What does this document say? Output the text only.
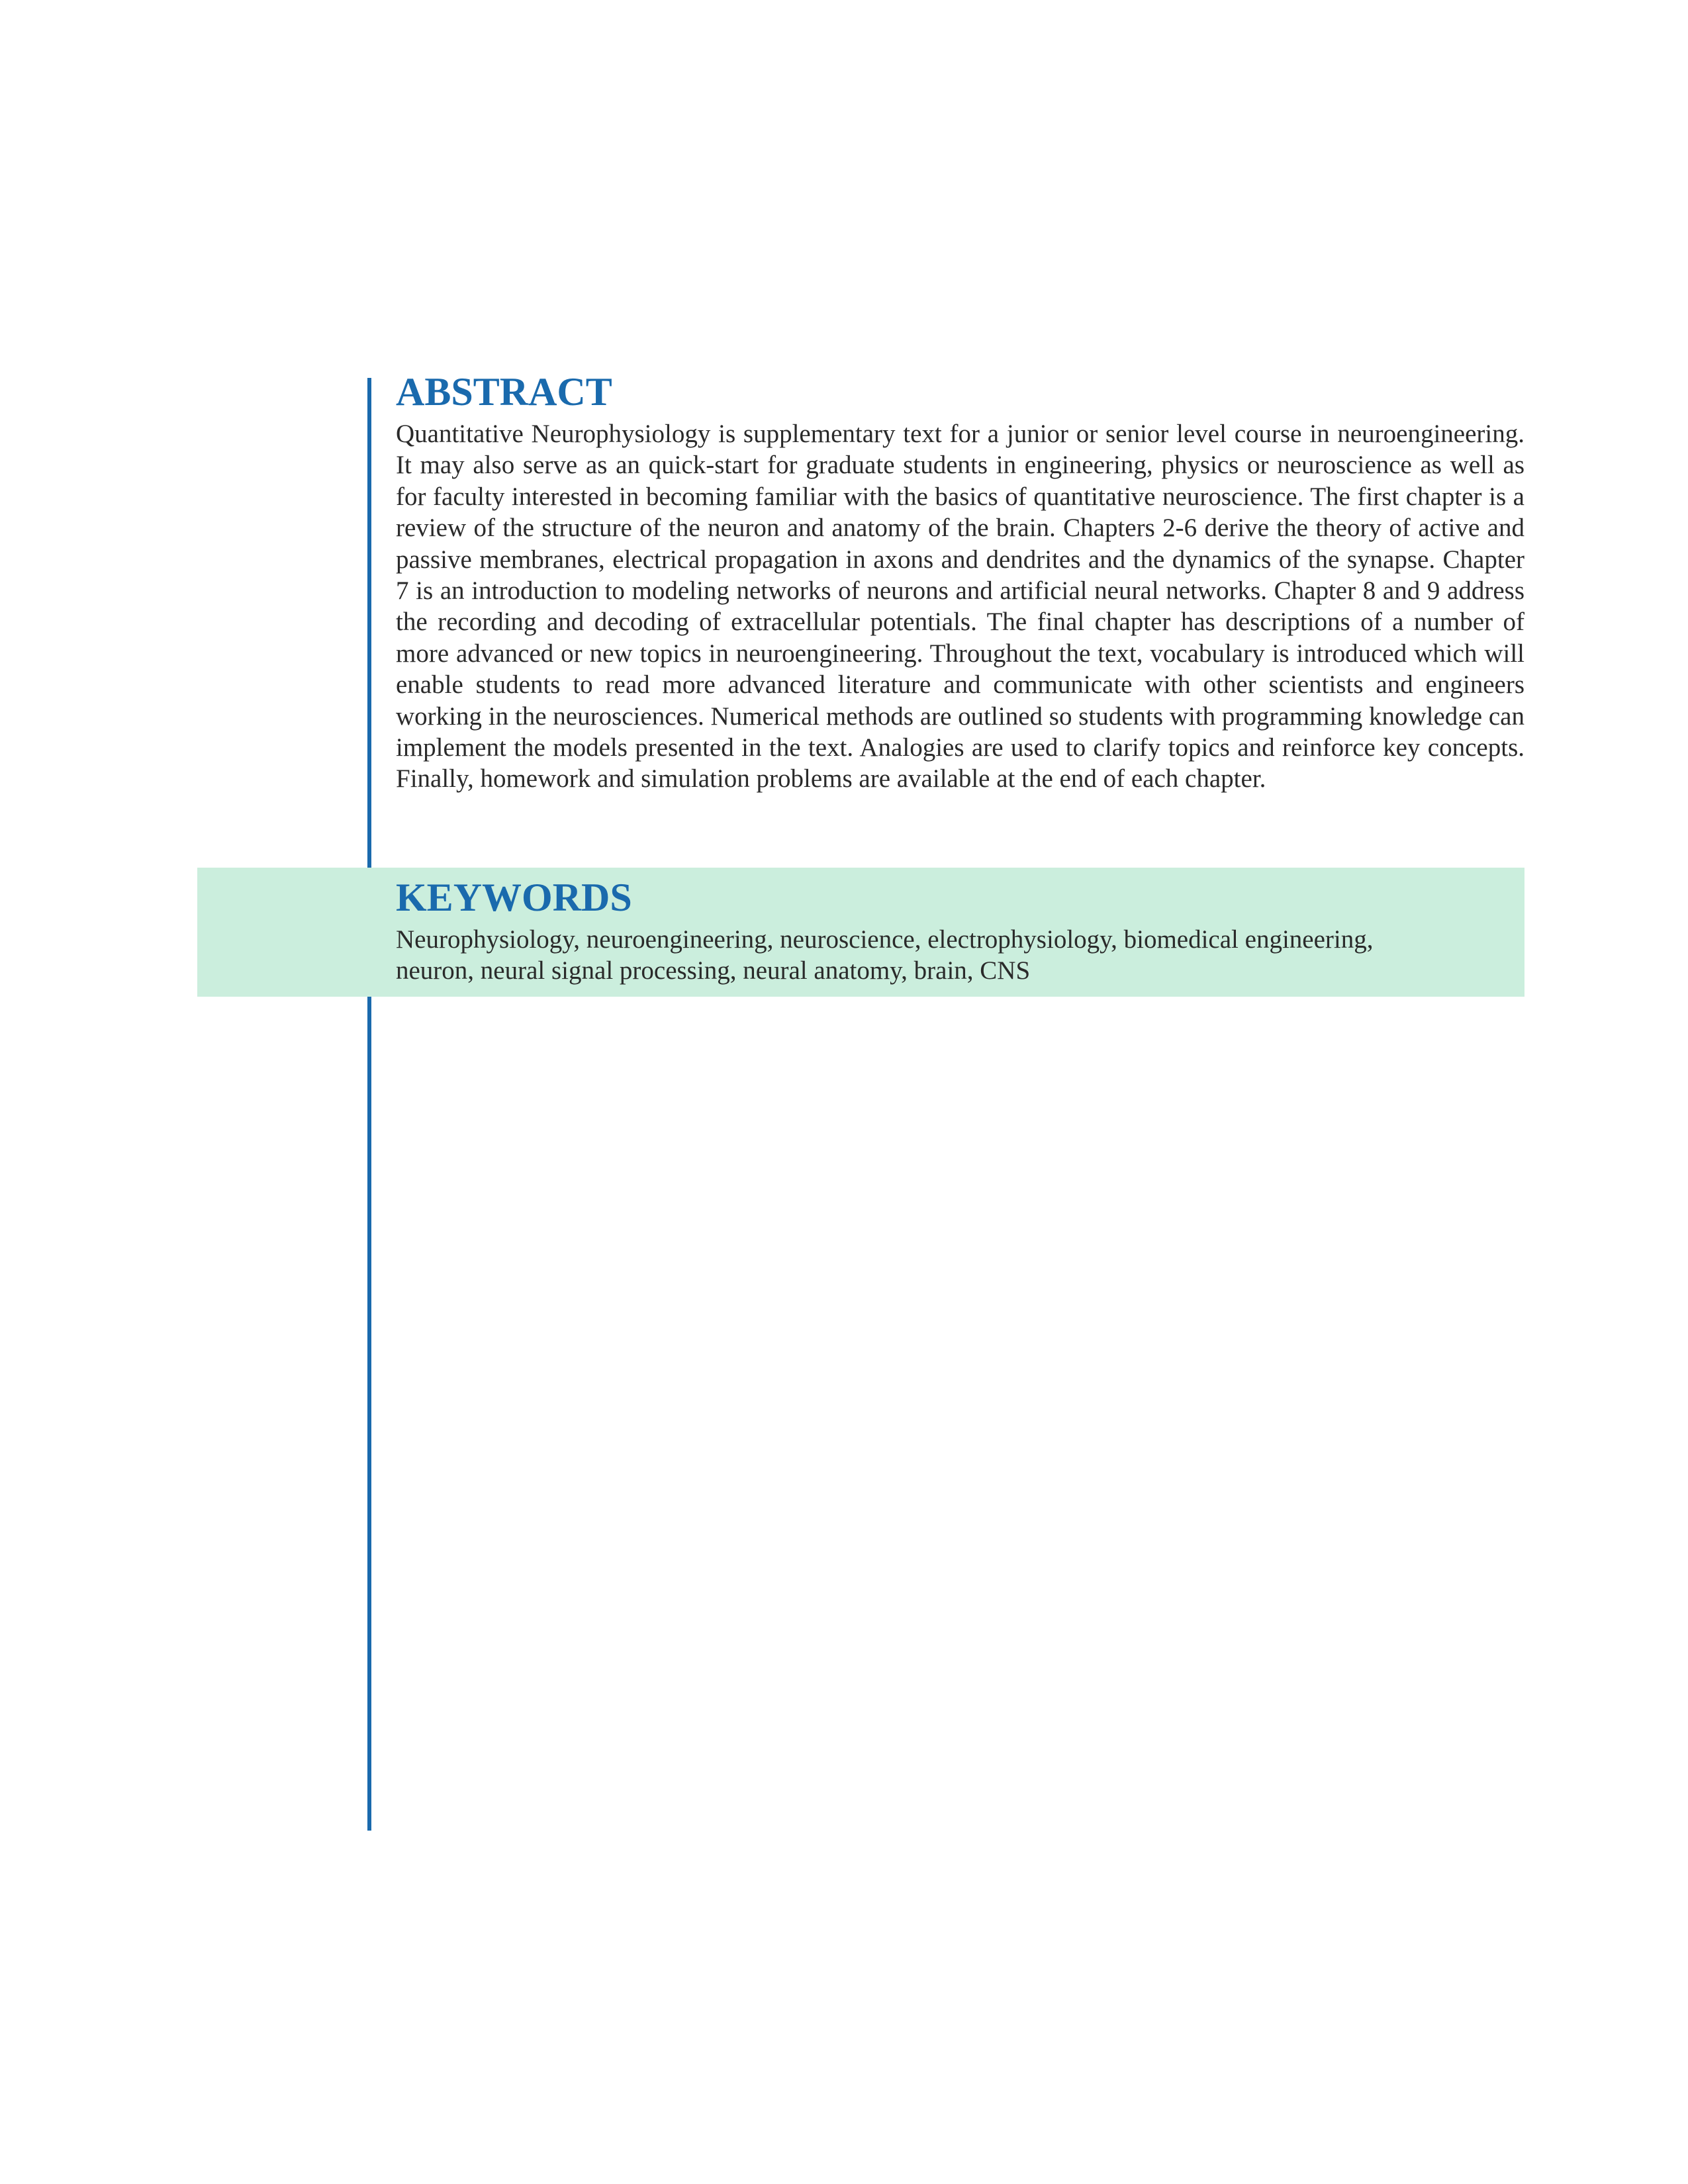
ABSTRACT

Quantitative Neurophysiology is supplementary text for a junior or senior level course in neuroengineering. It may also serve as an quick-start for graduate students in engineering, physics or neuroscience as well as for faculty interested in becoming familiar with the basics of quantitative neuroscience. The first chapter is a review of the structure of the neuron and anatomy of the brain. Chapters 2-6 derive the theory of active and passive membranes, electrical propagation in axons and dendrites and the dynamics of the synapse. Chapter 7 is an introduction to modeling networks of neurons and artificial neural networks. Chapter 8 and 9 address the recording and decoding of extracellular potentials. The final chapter has descriptions of a number of more advanced or new topics in neuroengineering. Throughout the text, vocabulary is introduced which will enable students to read more advanced literature and communicate with other scientists and engineers working in the neurosciences. Numerical methods are outlined so students with programming knowledge can implement the models presented in the text. Analogies are used to clarify topics and reinforce key concepts. Finally, homework and simulation problems are available at the end of each chapter.

KEYWORDS

Neurophysiology, neuroengineering, neuroscience, electrophysiology, biomedical engineering, neuron, neural signal processing, neural anatomy, brain, CNS
